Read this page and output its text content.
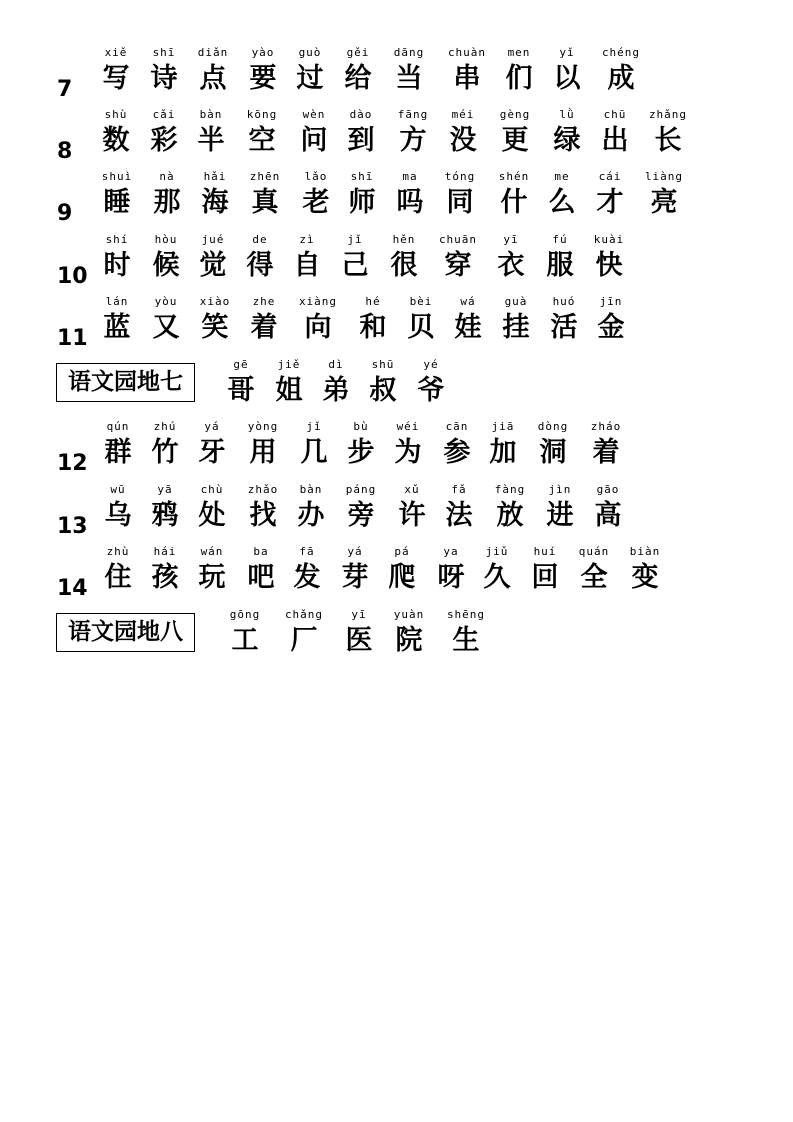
7
xiě
写
shī
诗
diǎn
点
yào
要
guò
过
gěi
给
dāng
当
chuàn
串
men
们
yǐ
以
chéng
成
8
shù
数
cǎi
彩
bàn
半
kōng
空
wèn
问
dào
到
fāng
方
méi
没
gèng
更
lǜ
绿
chū
出
zhǎng
长
9
shuì
睡
nà
那
hǎi
海
zhēn
真
lǎo
老
shī
师
ma
吗
tóng
同
shén
什
me
么
cái
才
liàng
亮
10
shí
时
hòu
候
jué
觉
de
得
zì
自
jǐ
己
hěn
很
chuān
穿
yī
衣
fú
服
kuài
快
11
lán
蓝
yòu
又
xiào
笑
zhe
着
xiàng
向
hé
和
bèi
贝
wá
娃
guà
挂
huó
活
jīn
金
语文园地七
gē
哥
jiě
姐
dì
弟
shū
叔
yé
爷
12
qún
群
zhú
竹
yá
牙
yòng
用
jǐ
几
bù
步
wéi
为
cān
参
jiā
加
dòng
洞
zháo
着
13
wū
乌
yā
鸦
chù
处
zhǎo
找
bàn
办
páng
旁
xǔ
许
fǎ
法
fàng
放
jìn
进
gāo
高
14
zhù
住
hái
孩
wán
玩
ba
吧
fā
发
yá
芽
pá
爬
ya
呀
jiǔ
久
huí
回
quán
全
biàn
变
语文园地八
gōng
工
chǎng
厂
yī
医
yuàn
院
shēng
生
